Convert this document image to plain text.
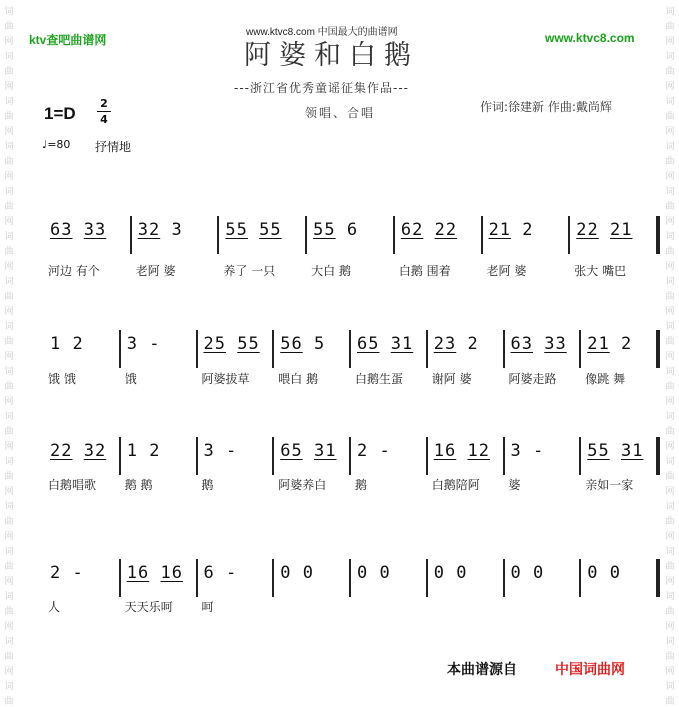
词
曲
网
词
曲
网
词
曲
网
词
曲
网
词
曲
网
词
曲
网
词
曲
网
词
曲
网
词
曲
网
词
曲
网
词
曲
网
词
曲
网
词
曲
网
词
曲
网
词
曲
网
词
曲
词
曲
网
词
曲
网
词
曲
网
词
曲
网
词
曲
网
词
曲
网
词
曲
网
词
曲
网
词
曲
网
词
曲
网
词
曲
网
词
曲
网
词
曲
网
词
曲
网
词
曲
网
词
曲
ktv查吧曲谱网	www.ktvc8.com
www.ktvc8.com 中国最大的曲谱网
阿婆和白鹅
---浙江省优秀童谣征集作品---
领唱、合唱	作词:徐建新 作曲:戴尚辉
1=D
2
4
♩=80 抒情地
63 33
河边 有个
32 3
老阿 婆
55 55
养了 一只
55 6
大白 鹅
62 22
白鹅 围着
21 2
老阿 婆
22 21
张大 嘴巴
1 2
饿 饿
3 -
饿
25 55
阿婆拔草
56 5
喂白 鹅
65 31
白鹅生蛋
23 2
谢阿 婆
63 33
阿婆走路
21 2
像跳 舞
22 32
白鹅唱歌
1 2
鹅 鹅
3 -
鹅
65 31
阿婆养白
2 -
鹅
16 12
白鹅陪阿
3 -
婆
55 31
亲如一家
2 -
人
16 16
天天乐呵
6 -
呵
0 0	0 0	0 0	0 0	0 0
本曲谱源自	中国词曲网
